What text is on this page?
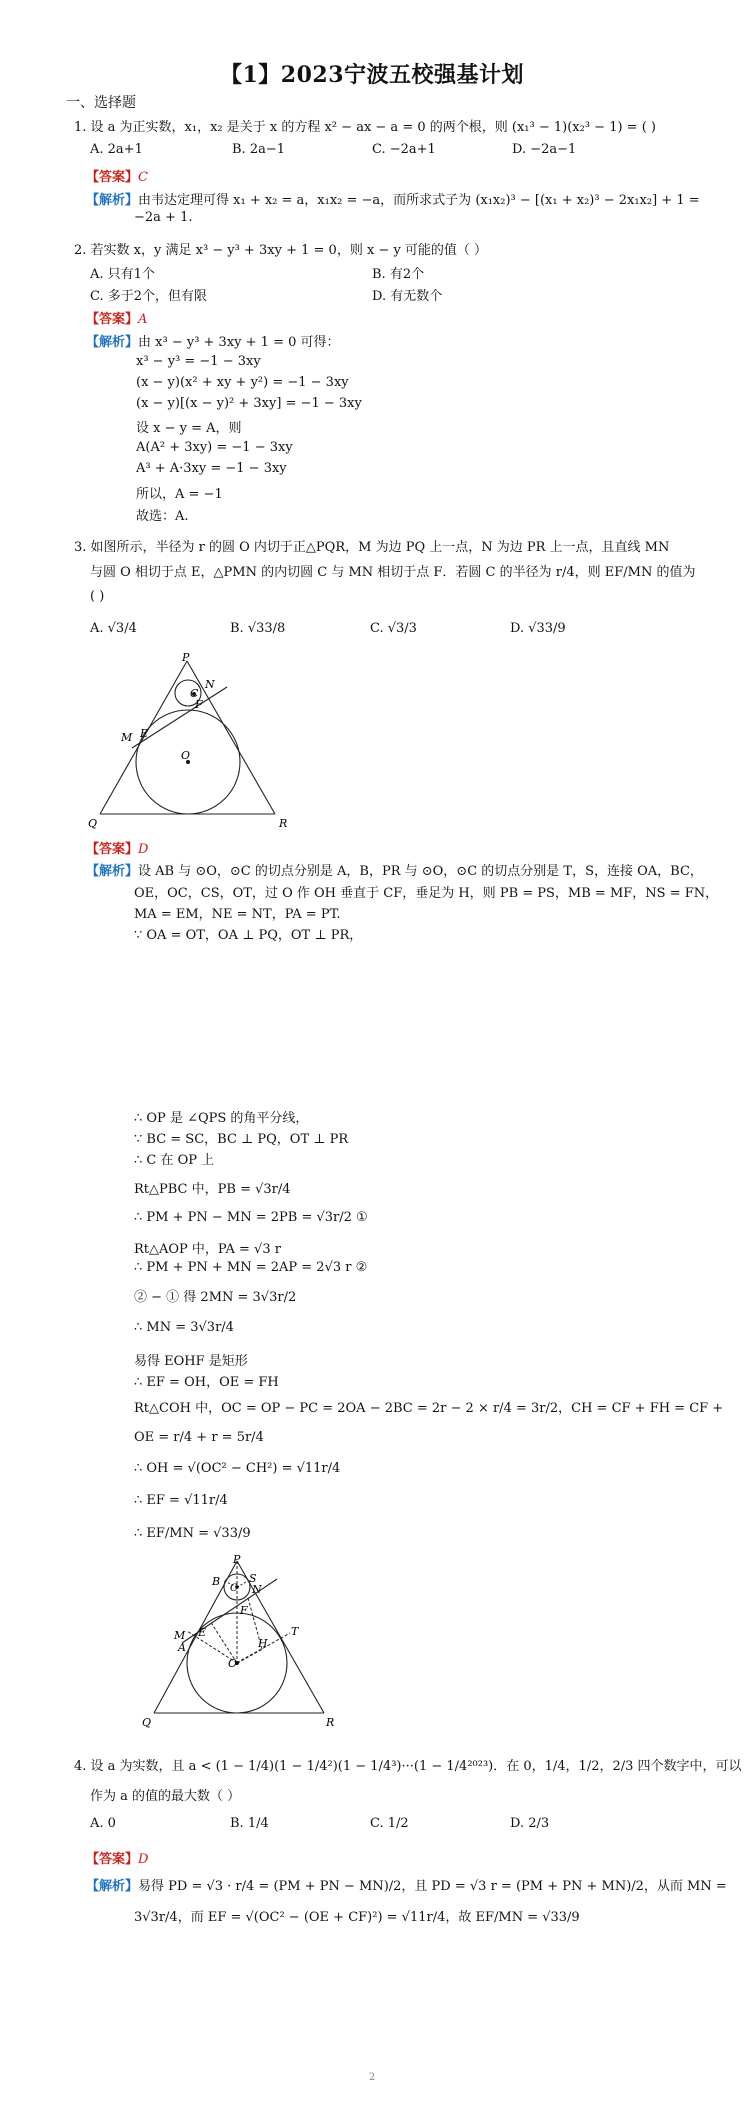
【1】2023宁波五校强基计划
一、选择题
1. 设 a 为正实数，x₁，x₂ 是关于 x 的方程 x² − ax − a = 0 的两个根，则 (x₁³ − 1)(x₂³ − 1) = ( )
A. 2a+1	B. 2a−1	C. −2a+1	D. −2a−1
【答案】C
【解析】由韦达定理可得 x₁ + x₂ = a，x₁x₂ = −a，而所求式子为 (x₁x₂)³ − [(x₁ + x₂)³ − 2x₁x₂] + 1 =
−2a + 1.
2. 若实数 x，y 满足 x³ − y³ + 3xy + 1 = 0，则 x − y 可能的值（ ）
A. 只有1个	B. 有2个
C. 多于2个，但有限	D. 有无数个
【答案】A
【解析】由 x³ − y³ + 3xy + 1 = 0 可得：
x³ − y³ = −1 − 3xy
(x − y)(x² + xy + y²) = −1 − 3xy
(x − y)[(x − y)² + 3xy] = −1 − 3xy
设 x − y = A，则
A(A² + 3xy) = −1 − 3xy
A³ + A·3xy = −1 − 3xy
所以，A = −1
故选：A.
3. 如图所示，半径为 r 的圆 O 内切于正△PQR，M 为边 PQ 上一点，N 为边 PR 上一点，且直线 MN
与圆 O 相切于点 E，△PMN 的内切圆 C 与 MN 相切于点 F．若圆 C 的半径为 r/4，则 EF/MN 的值为
( )
A. √3/4	B. √33/8	C. √3/3	D. √33/9
P
N
C
F
M E
O
Q	R
【答案】D
【解析】设 AB 与 ⊙O，⊙C 的切点分别是 A，B，PR 与 ⊙O，⊙C 的切点分别是 T，S，连接 OA，BC，
OE，OC，CS，OT，过 O 作 OH 垂直于 CF，垂足为 H，则 PB = PS，MB = MF，NS = FN，
MA = EM，NE = NT，PA = PT.
∵ OA = OT，OA ⊥ PQ，OT ⊥ PR，
∴ OP 是 ∠QPS 的角平分线，
∵ BC = SC，BC ⊥ PQ，OT ⊥ PR
∴ C 在 OP 上
Rt△PBC 中，PB = √3r/4
∴ PM + PN − MN = 2PB = √3r/2 ①
Rt△AOP 中，PA = √3 r
∴ PM + PN + MN = 2AP = 2√3 r ②
② − ① 得 2MN = 3√3r/2
∴ MN = 3√3r/4
易得 EOHF 是矩形
∴ EF = OH，OE = FH
Rt△COH 中，OC = OP − PC = 2OA − 2BC = 2r − 2 × r/4 = 3r/2，CH = CF + FH = CF +
OE = r/4 + r = 5r/4
∴ OH = √(OC² − CH²) = √11r/4
∴ EF = √11r/4
∴ EF/MN = √33/9
P
B
C
S
N
M
A
E
F
H
T
O
Q	R
4. 设 a 为实数，且 a < (1 − 1/4)(1 − 1/4²)(1 − 1/4³)···(1 − 1/4²⁰²³)．在 0，1/4，1/2，2/3 四个数字中，可以
作为 a 的值的最大数（ ）
A. 0	B. 1/4	C. 1/2	D. 2/3
【答案】D
【解析】易得 PD = √3 · r/4 = (PM + PN − MN)/2，且 PD = √3 r = (PM + PN + MN)/2，从而 MN =
3√3r/4，而 EF = √(OC² − (OE + CF)²) = √11r/4，故 EF/MN = √33/9
2
